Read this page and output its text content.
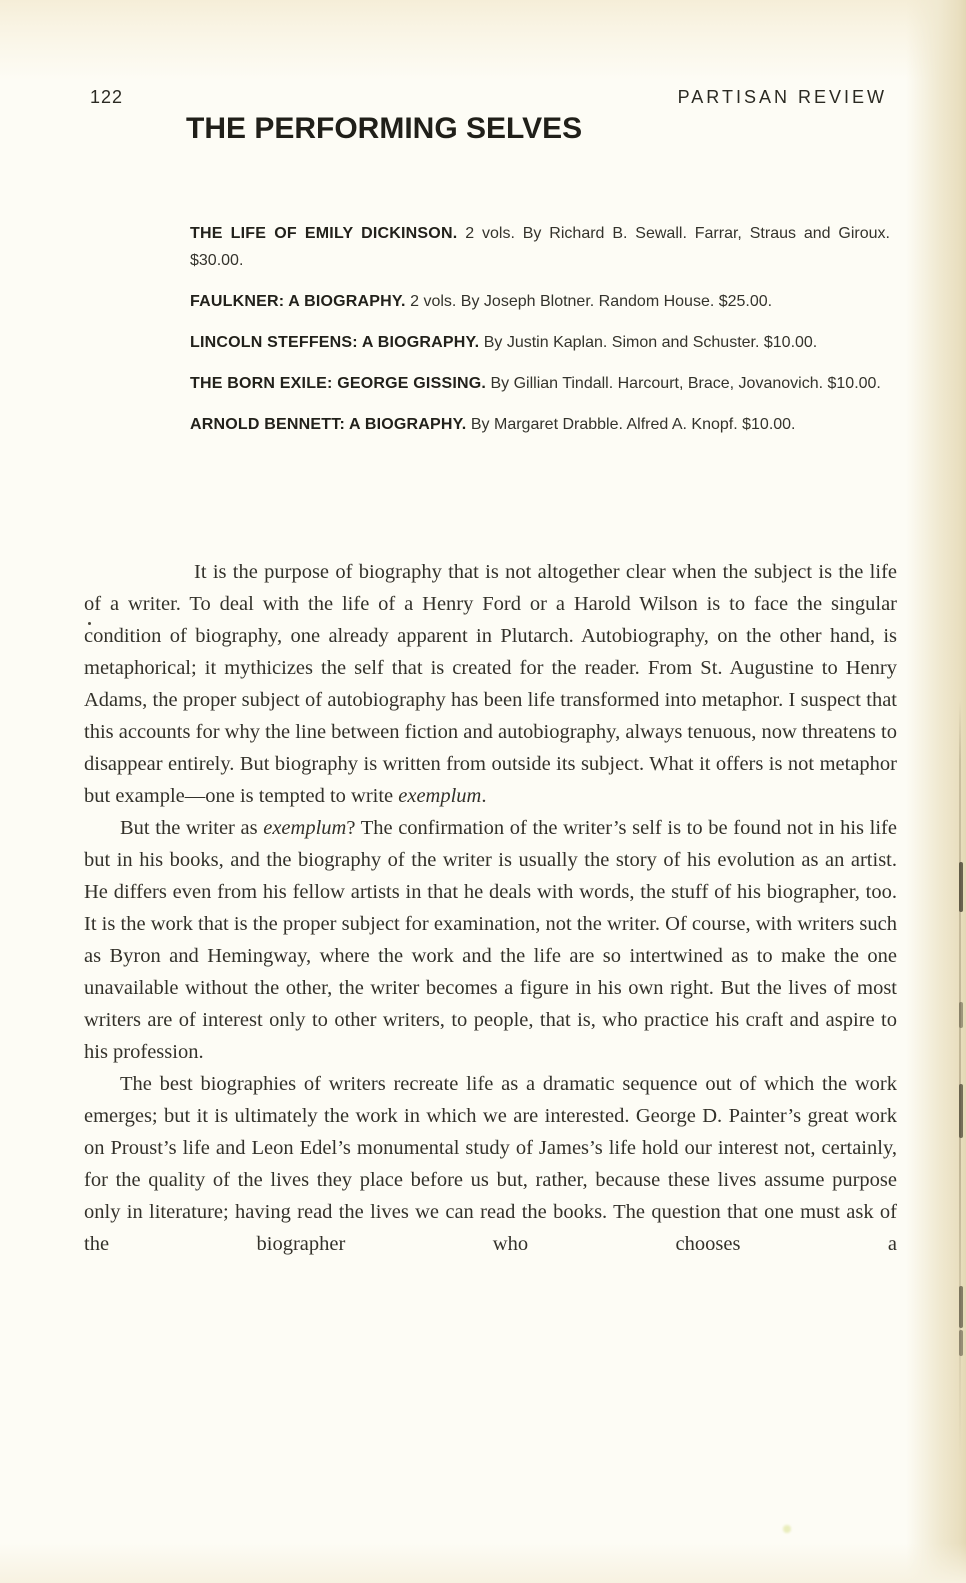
122	PARTISAN REVIEW
THE PERFORMING SELVES

THE LIFE OF EMILY DICKINSON. 2 vols. By Richard B. Sewall. Farrar, Straus and Giroux. $30.00.

FAULKNER: A BIOGRAPHY. 2 vols. By Joseph Blotner. Random House. $25.00.

LINCOLN STEFFENS: A BIOGRAPHY. By Justin Kaplan. Simon and Schuster. $10.00.

THE BORN EXILE: GEORGE GISSING. By Gillian Tindall. Harcourt, Brace, Jovanovich. $10.00.

ARNOLD BENNETT: A BIOGRAPHY. By Margaret Drabble. Alfred A. Knopf. $10.00.

It is the purpose of biography that is not altogether clear when the subject is the life of a writer. To deal with the life of a Henry Ford or a Harold Wilson is to face the singular condition of biography, one already apparent in Plutarch. Autobiography, on the other hand, is metaphorical; it mythicizes the self that is created for the reader. From St. Augustine to Henry Adams, the proper subject of autobiography has been life transformed into metaphor. I suspect that this accounts for why the line between fiction and autobiography, always tenuous, now threatens to disappear entirely. But biography is written from outside its subject. What it offers is not metaphor but example—one is tempted to write exemplum.

But the writer as exemplum? The confirmation of the writer’s self is to be found not in his life but in his books, and the biography of the writer is usually the story of his evolution as an artist. He differs even from his fellow artists in that he deals with words, the stuff of his biographer, too. It is the work that is the proper subject for examination, not the writer. Of course, with writers such as Byron and Hemingway, where the work and the life are so intertwined as to make the one unavailable without the other, the writer becomes a figure in his own right. But the lives of most writers are of interest only to other writers, to people, that is, who practice his craft and aspire to his profession.

The best biographies of writers recreate life as a dramatic sequence out of which the work emerges; but it is ultimately the work in which we are interested. George D. Painter’s great work on Proust’s life and Leon Edel’s monumental study of James’s life hold our interest not, certainly, for the quality of the lives they place before us but, rather, because these lives assume purpose only in literature; having read the lives we can read the books. The question that one must ask of the biographer who chooses a
